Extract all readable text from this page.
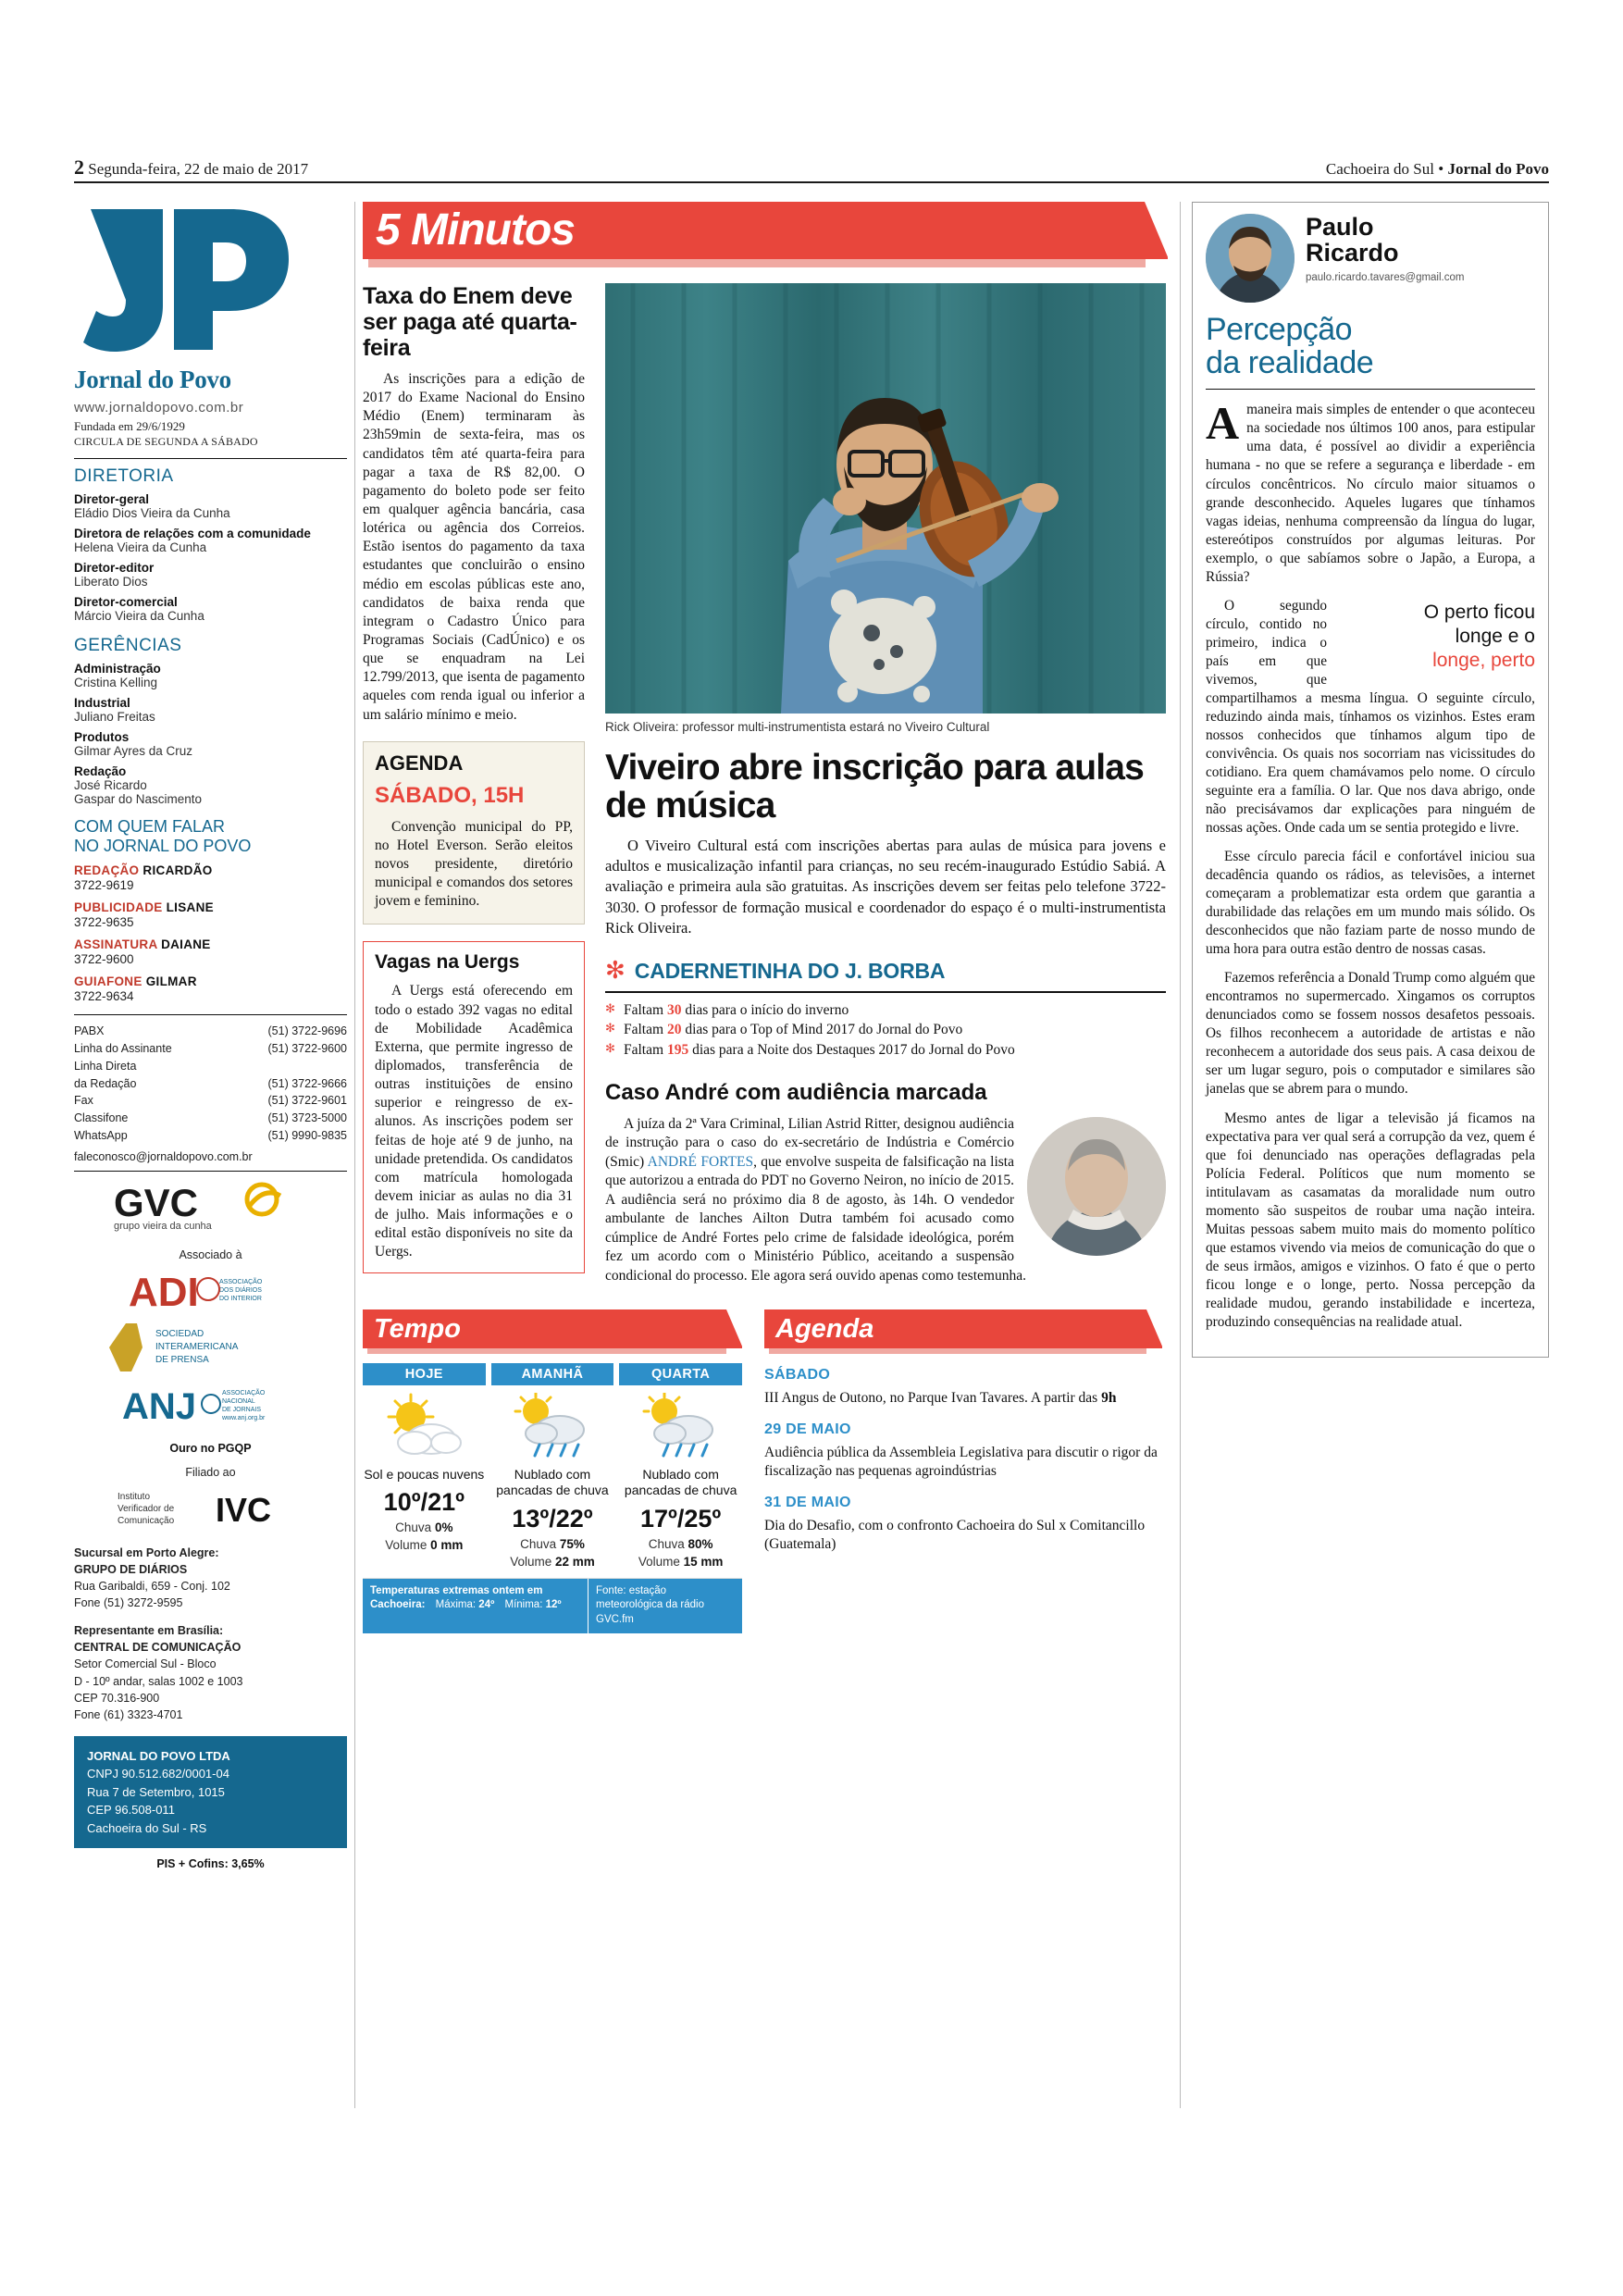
2 Segunda-feira, 22 de maio de 2017	Cachoeira do Sul • Jornal do Povo
Jornal do Povo
www.jornaldopovo.com.br
Fundada em 29/6/1929
CIRCULA DE SEGUNDA A SÁBADO
DIRETORIA
Diretor-geral
Eládio Dios Vieira da Cunha
Diretora de relações com a comunidade
Helena Vieira da Cunha
Diretor-editor
Liberato Dios
Diretor-comercial
Márcio Vieira da Cunha
GERÊNCIAS
Administração
Cristina Kelling
Industrial
Juliano Freitas
Produtos
Gilmar Ayres da Cruz
Redação
José Ricardo
Gaspar do Nascimento
COM QUEM FALAR
NO JORNAL DO POVO
REDAÇÃO RICARDÃO
3722-9619
PUBLICIDADE LISANE
3722-9635
ASSINATURA DAIANE
3722-9600
GUIAFONE GILMAR
3722-9634
PABX	(51) 3722-9696
Linha do Assinante	(51) 3722-9600
Linha Direta
da Redação	(51) 3722-9666
Fax	(51) 3722-9601
Classifone	(51) 3723-5000
WhatsApp	(51) 9990-9835
faleconosco@jornaldopovo.com.br
GVC
grupo vieira da cunha
Associado à
ADI	ASSOCIAÇÃO
DOS DIÁRIOS
DO INTERIOR
SOCIEDAD
INTERAMERICANA
DE PRENSA
ANJ	ASSOCIAÇÃO
NACIONAL
DE JORNAIS
www.anj.org.br
Ouro no PGQP
Filiado ao
Instituto
Verificador de
Comunicação IVC
Sucursal em Porto Alegre:
GRUPO DE DIÁRIOS
Rua Garibaldi, 659 - Conj. 102
Fone (51) 3272-9595
Representante em Brasília:
CENTRAL DE COMUNICAÇÃO
Setor Comercial Sul - Bloco
D - 10º andar, salas 1002 e 1003
CEP 70.316-900
Fone (61) 3323-4701
JORNAL DO POVO LTDA
CNPJ 90.512.682/0001-04
Rua 7 de Setembro, 1015
CEP 96.508-011
Cachoeira do Sul - RS
PIS + Cofins: 3,65%
5 Minutos
Taxa do Enem deve ser paga até quarta-feira
As inscrições para a edição de 2017 do Exame Nacional do Ensino Médio (Enem) terminaram às 23h59min de sexta-feira, mas os candidatos têm até quarta-feira para pagar a taxa de R$ 82,00. O pagamento do boleto pode ser feito em qualquer agência bancária, casa lotérica ou agência dos Correios. Estão isentos do pagamento da taxa estudantes que concluirão o ensino médio em escolas públicas este ano, candidatos de baixa renda que integram o Cadastro Único para Programas Sociais (CadÚnico) e os que se enquadram na Lei 12.799/2013, que isenta de pagamento aqueles com renda igual ou inferior a um salário mínimo e meio.
AGENDA
SÁBADO, 15H

Convenção municipal do PP, no Hotel Everson. Serão eleitos novos presidente, diretório municipal e comandos dos setores jovem e feminino.

Vagas na Uergs

A Uergs está oferecendo em todo o estado 392 vagas no edital de Mobilidade Acadêmica Externa, que permite ingresso de diplomados, transferência de outras instituições de ensino superior e reingresso de ex-alunos. As inscrições podem ser feitas de hoje até 9 de junho, na unidade pretendida. Os candidatos com matrícula homologada devem iniciar as aulas no dia 31 de julho. Mais informações e o edital estão disponíveis no site da Uergs.

Rick Oliveira: professor multi-instrumentista estará no Viveiro Cultural
Viveiro abre inscrição para aulas de música
O Viveiro Cultural está com inscrições abertas para aulas de música para jovens e adultos e musicalização infantil para crianças, no seu recém-inaugurado Estúdio Sabiá. A avaliação e primeira aula são gratuitas. As inscrições devem ser feitas pelo telefone 3722-3030. O professor de formação musical e coordenador do espaço é o multi-instrumentista Rick Oliveira.
✻ CADERNETINHA DO J. BORBA
✻ Faltam 30 dias para o início do inverno
✻ Faltam 20 dias para o Top of Mind 2017 do Jornal do Povo
✻ Faltam 195 dias para a Noite dos Destaques 2017 do Jornal do Povo
Caso André com audiência marcada

A juíza da 2ª Vara Criminal, Lilian Astrid Ritter, designou audiência de instrução para o caso do ex-secretário de Indústria e Comércio (Smic) ANDRÉ FORTES, que envolve suspeita de falsificação na lista que autorizou a entrada do PDT no Governo Neiron, no início de 2015. A audiência será no próximo dia 8 de agosto, às 14h. O vendedor ambulante de lanches Ailton Dutra também foi acusado como cúmplice de André Fortes pelo crime de falsidade ideológica, porém fez um acordo com o Ministério Público, aceitando a suspensão condicional do processo. Ele agora será ouvido apenas como testemunha.

Tempo
HOJE
Sol e poucas nuvens
10º/21º
Chuva 0%
Volume 0 mm
AMANHÃ
Nublado com pancadas de chuva
13º/22º
Chuva 75%
Volume 22 mm
QUARTA
Nublado com pancadas de chuva
17º/25º
Chuva 80%
Volume 15 mm
Temperaturas extremas ontem em Cachoeira: Máxima: 24º Mínima: 12º
Fonte: estação meteorológica da rádio GVC.fm
Agenda
SÁBADO

III Angus de Outono, no Parque Ivan Tavares. A partir das 9h

29 DE MAIO

Audiência pública da Assembleia Legislativa para discutir o rigor da fiscalização nas pequenas agroindústrias

31 DE MAIO

Dia do Desafio, com o confronto Cachoeira do Sul x Comitancillo (Guatemala)

Paulo
Ricardo
paulo.ricardo.tavares@gmail.com
Percepção
da realidade

Amaneira mais simples de entender o que aconteceu na sociedade nos últimos 100 anos, para estipular uma data, é possível ao dividir a experiência humana - no que se refere a segurança e liberdade - em círculos concêntricos. No círculo maior situamos o grande desconhecido. Aqueles lugares que tínhamos vagas ideias, nenhuma compreensão da língua do lugar, estereótipos construídos por algumas leituras. Por exemplo, o que sabíamos sobre o Japão, a Europa, a Rússia?

O perto ficou
longe e o
longe, perto

O segundo círculo, contido no primeiro, indica o país em que vivemos, que compartilhamos a mesma língua. O seguinte círculo, reduzindo ainda mais, tínhamos os vizinhos. Estes eram nossos conhecidos que tínhamos algum tipo de convivência. Os quais nos socorriam nas vicissitudes do cotidiano. Era quem chamávamos pelo nome. O círculo seguinte era a família. O lar. Que nos dava abrigo, onde não precisávamos dar explicações para ninguém de nossas ações. Onde cada um se sentia protegido e livre.

Esse círculo parecia fácil e confortável iniciou sua decadência quando os rádios, as televisões, a internet começaram a problematizar esta ordem que garantia a durabilidade das relações em um mundo mais sólido. Os desconhecidos que não faziam parte de nosso mundo de uma hora para outra estão dentro de nossas casas.

Fazemos referência a Donald Trump como alguém que encontramos no supermercado. Xingamos os corruptos denunciados como se fossem nossos desafetos pessoais. Os filhos reconhecem a autoridade de artistas e não reconhecem a autoridade dos seus pais. A casa deixou de ser um lugar seguro, pois o computador e similares são janelas que se abrem para o mundo.

Mesmo antes de ligar a televisão já ficamos na expectativa para ver qual será a corrupção da vez, quem é que foi denunciado nas operações deflagradas pela Polícia Federal. Políticos que num momento se intitulavam as casamatas da moralidade num outro momento são suspeitos de roubar uma nação inteira. Muitas pessoas sabem muito mais do momento político que estamos vivendo via meios de comunicação do que o de seus irmãos, amigos e vizinhos. O fato é que o perto ficou longe e o longe, perto. Nossa percepção da realidade mudou, gerando instabilidade e incerteza, produzindo consequências na realidade atual.
